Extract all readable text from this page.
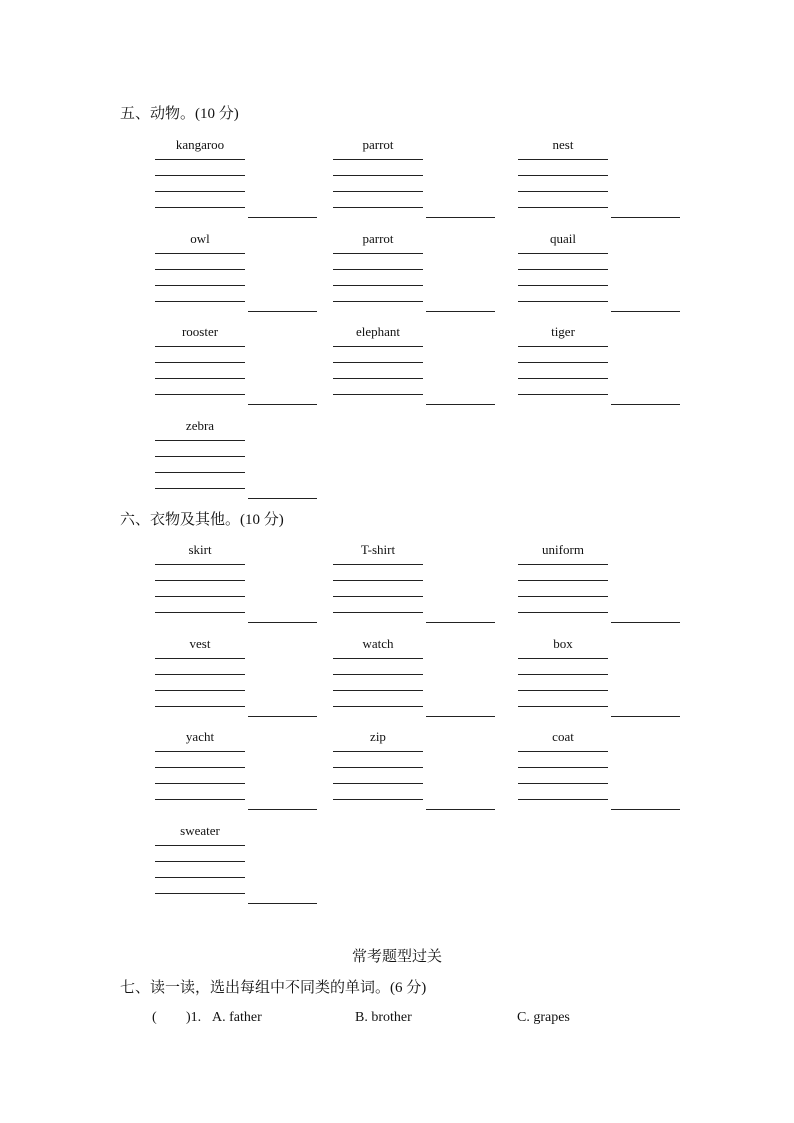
五、动物。(10 分)
kangaroo	parrot	nest
owl	parrot	quail
rooster	elephant	tiger
zebra
六、衣物及其他。(10 分)
skirt	T-shirt	uniform
vest	watch	box
yacht	zip	coat
sweater
常考题型过关
七、读一读，选出每组中不同类的单词。(6 分)
( )1. A. father	B. brother	C. grapes
